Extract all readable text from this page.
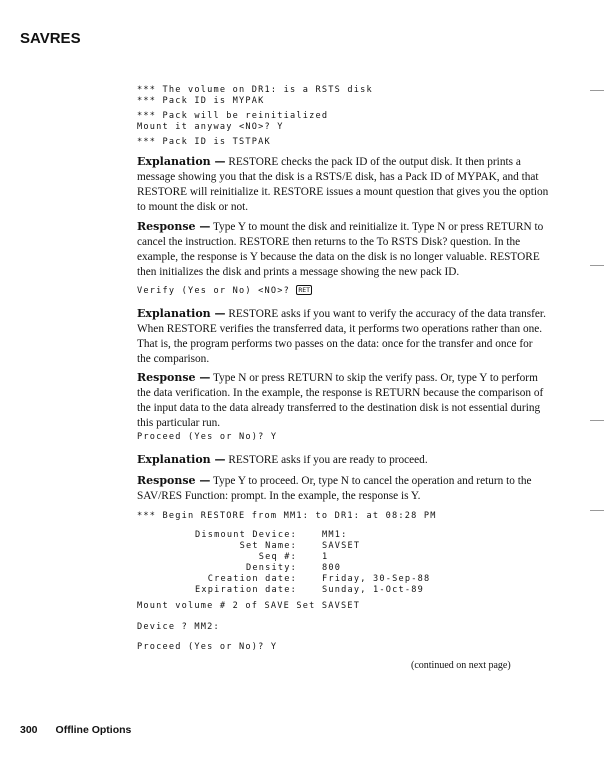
SAVRES
*** The volume on DR1: is a RSTS disk
*** Pack ID is MYPAK
*** Pack will be reinitialized
Mount it anyway <NO>? Y
*** Pack ID is TSTPAK
Explanation — RESTORE checks the pack ID of the output disk. It then prints a message showing you that the disk is a RSTS/E disk, has a Pack ID of MYPAK, and that RESTORE will reinitialize it. RESTORE issues a mount question that gives you the option to mount the disk or not.
Response — Type Y to mount the disk and reinitialize it. Type N or press RETURN to cancel the instruction. RESTORE then returns to the To RSTS Disk? question. In the example, the response is Y because the data on the disk is no longer valuable. RESTORE then initializes the disk and prints a message showing the new pack ID.
Verify (Yes or No) <NO>? RET
Explanation — RESTORE asks if you want to verify the accuracy of the data transfer. When RESTORE verifies the transferred data, it performs two operations rather than one. That is, the program performs two passes on the data: once for the transfer and once for the comparison.
Response — Type N or press RETURN to skip the verify pass. Or, type Y to perform the data verification. In the example, the response is RETURN because the comparison of the input data to the data already transferred to the destination disk is not essential during this particular run.
Proceed (Yes or No)? Y
Explanation — RESTORE asks if you are ready to proceed.
Response — Type Y to proceed. Or, type N to cancel the operation and return to the SAV/RES Function: prompt. In the example, the response is Y.
*** Begin RESTORE from MM1: to DR1: at 08:28 PM
Dismount Device:	MM1:
Set Name:	SAVSET
Seq #:	1
Density:	800
Creation date:	Friday, 30-Sep-88
Expiration date:	Sunday, 1-Oct-89
Mount volume # 2 of SAVE Set SAVSET
Device ? MM2:
Proceed (Yes or No)? Y
(continued on next page)
300 Offline Options
